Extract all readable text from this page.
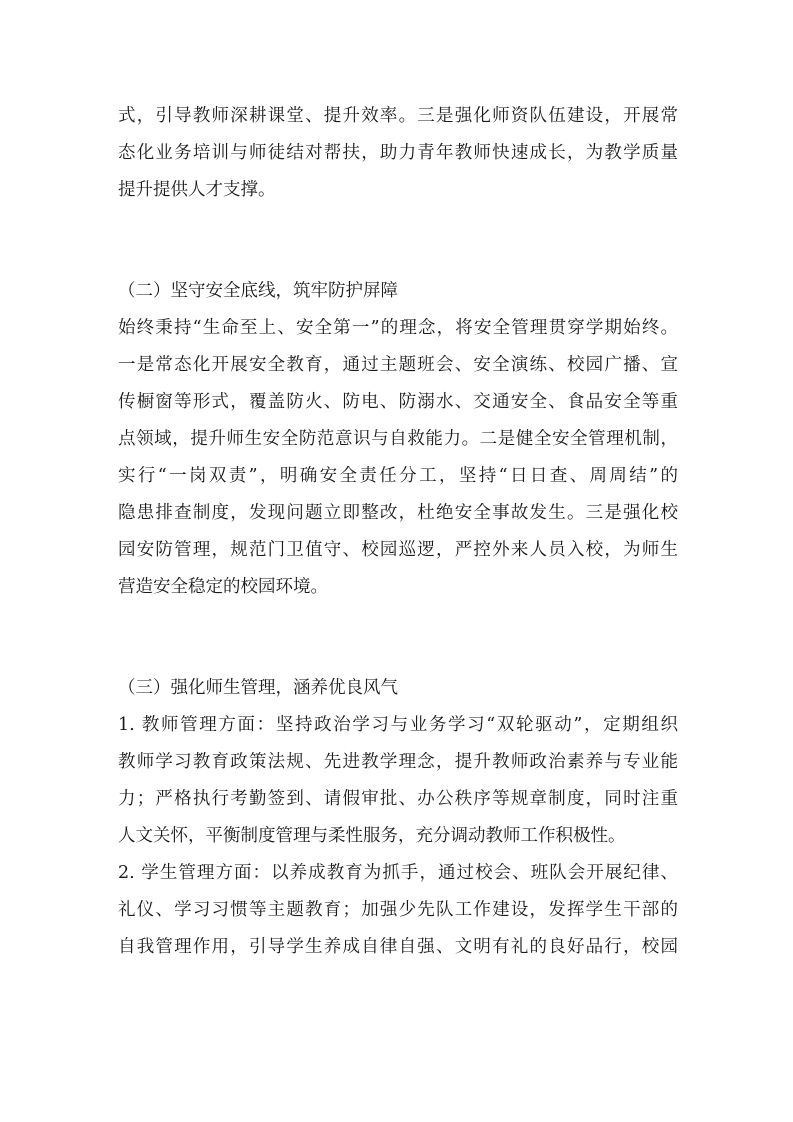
式，引导教师深耕课堂、提升效率。三是强化师资队伍建设，开展常
态化业务培训与师徒结对帮扶，助力青年教师快速成长，为教学质量
提升提供人才支撑。
（二）坚守安全底线，筑牢防护屏障
始终秉持“生命至上、安全第一”的理念，将安全管理贯穿学期始终。
一是常态化开展安全教育，通过主题班会、安全演练、校园广播、宣
传橱窗等形式，覆盖防火、防电、防溺水、交通安全、食品安全等重
点领域，提升师生安全防范意识与自救能力。二是健全安全管理机制，
实行“一岗双责”，明确安全责任分工，坚持“日日查、周周结”的
隐患排查制度，发现问题立即整改，杜绝安全事故发生。三是强化校
园安防管理，规范门卫值守、校园巡逻，严控外来人员入校，为师生
营造安全稳定的校园环境。
（三）强化师生管理，涵养优良风气
1. 教师管理方面：坚持政治学习与业务学习“双轮驱动”，定期组织
教师学习教育政策法规、先进教学理念，提升教师政治素养与专业能
力；严格执行考勤签到、请假审批、办公秩序等规章制度，同时注重
人文关怀，平衡制度管理与柔性服务，充分调动教师工作积极性。
2. 学生管理方面：以养成教育为抓手，通过校会、班队会开展纪律、
礼仪、学习习惯等主题教育；加强少先队工作建设，发挥学生干部的
自我管理作用，引导学生养成自律自强、文明有礼的良好品行，校园
